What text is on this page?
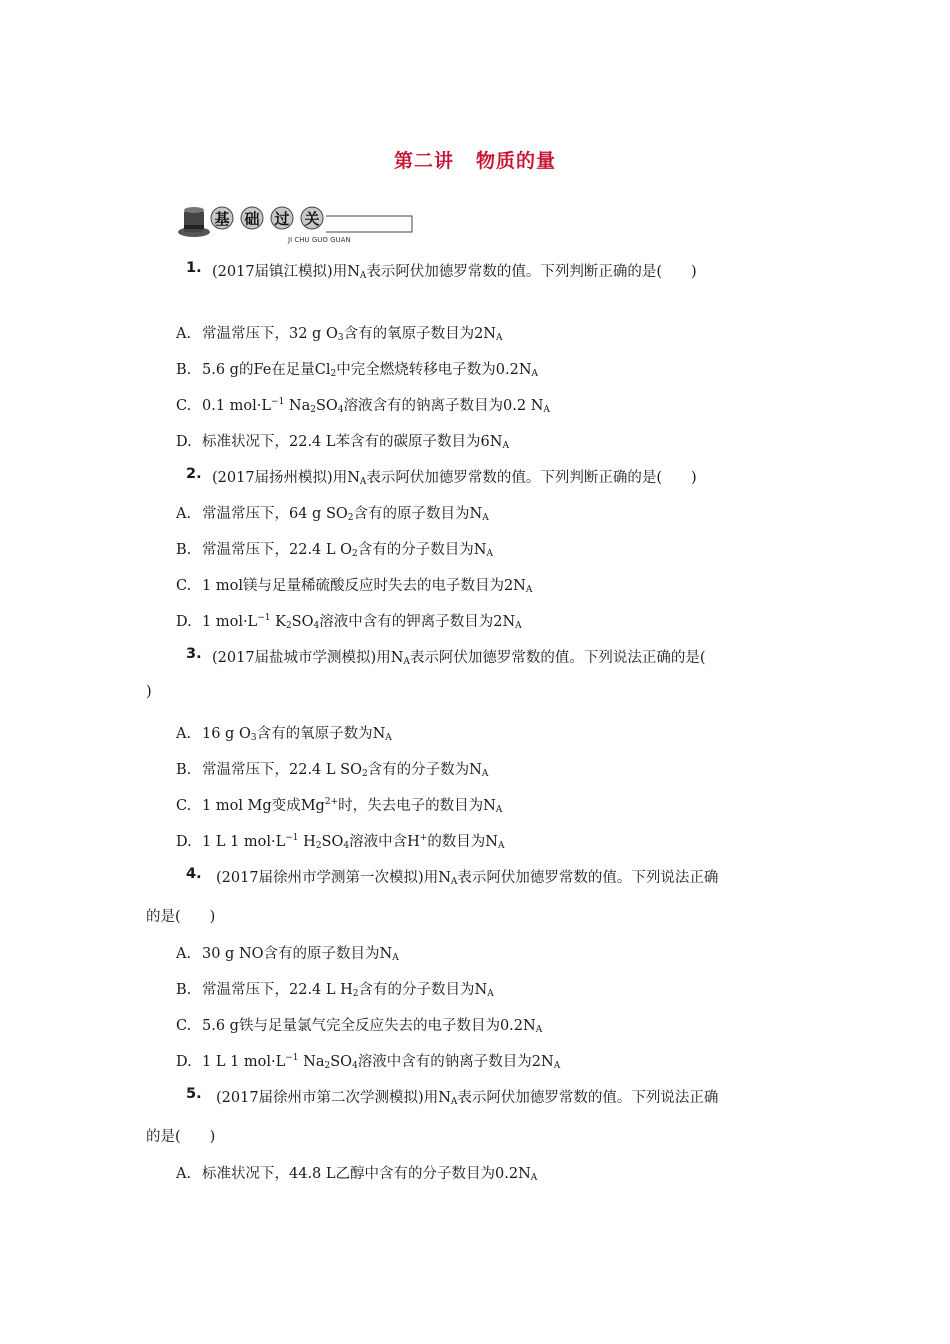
第二讲 物质的量
基 础 过 关
JI CHU GUO GUAN
1. (2017届镇江模拟)用$N_A$表示阿伏加德罗常数的值。下列判断正确的是(　　)
A. 常温常压下，32 g $O_3$含有的氧原子数目为$2N_A$
B. 5.6 g的Fe在足量$Cl_2$中完全燃烧转移电子数为$0.2N_A$
C. 0.1 $mol\cdot L^{-1}$ $Na_2SO_4$溶液含有的钠离子数目为0.2 $N_A$
D. 标准状况下，22.4 L苯含有的碳原子数目为$6N_A$
2. (2017届扬州模拟)用$N_A$表示阿伏加德罗常数的值。下列判断正确的是(　　)
A. 常温常压下，64 g $SO_2$含有的原子数目为$N_A$
B. 常温常压下，22.4 L $O_2$含有的分子数目为$N_A$
C. 1 mol镁与足量稀硫酸反应时失去的电子数目为$2N_A$
D. 1 $mol\cdot L^{-1}$ $K_2SO_4$溶液中含有的钾离子数目为$2N_A$
3. (2017届盐城市学测模拟)用$N_A$表示阿伏加德罗常数的值。下列说法正确的是(
)
A. 16 g $O_3$含有的氧原子数为$N_A$
B. 常温常压下，22.4 L $SO_2$含有的分子数为$N_A$
C. 1 mol Mg变成$Mg^{2+}$时，失去电子的数目为$N_A$
D. 1 L 1 $mol\cdot L^{-1}$ $H_2SO_4$溶液中含H+的数目为$N_A$
4. (2017届徐州市学测第一次模拟)用$N_A$表示阿伏加德罗常数的值。下列说法正确
的是(　　)
A. 30 g NO含有的原子数目为$N_A$
B. 常温常压下，22.4 L $H_2$含有的分子数目为$N_A$
C. 5.6 g铁与足量氯气完全反应失去的电子数目为$0.2N_A$
D. 1 L 1 $mol\cdot L^{-1}$ $Na_2SO_4$溶液中含有的钠离子数目为$2N_A$
5. (2017届徐州市第二次学测模拟)用$N_A$表示阿伏加德罗常数的值。下列说法正确
的是(　　)
A. 标准状况下，44.8 L乙醇中含有的分子数目为$0.2N_A$
